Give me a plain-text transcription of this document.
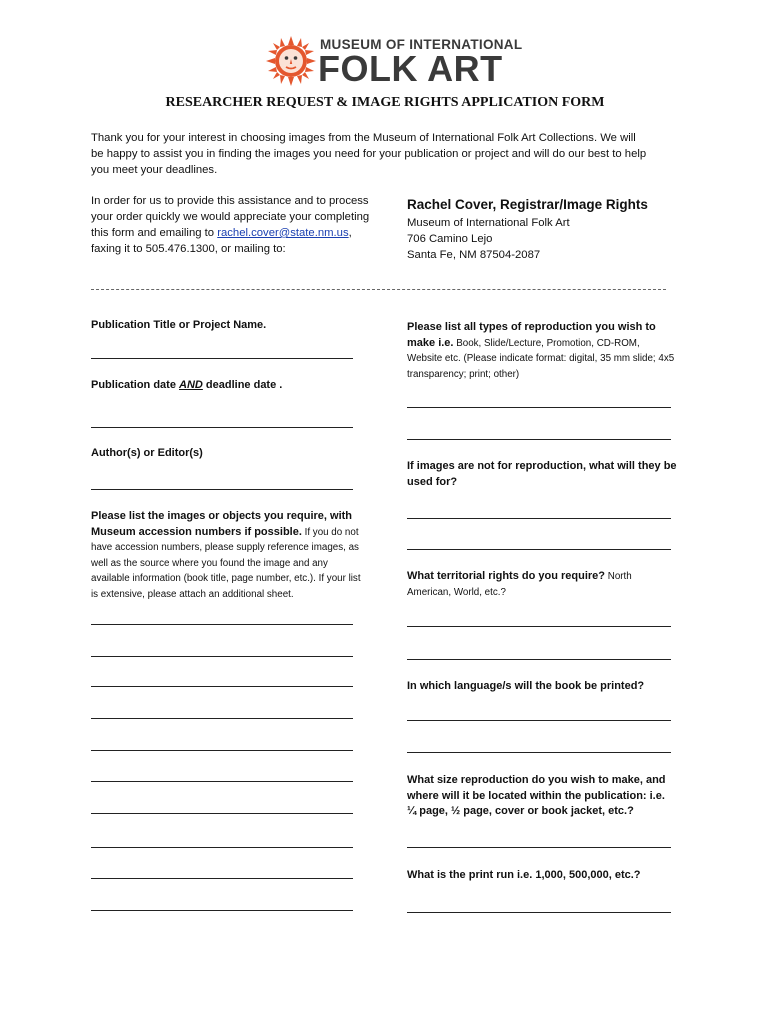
MUSEUM OF INTERNATIONAL
FOLK ART
RESEARCHER REQUEST & IMAGE RIGHTS APPLICATION FORM
Thank you for your interest in choosing images from the Museum of International Folk Art Collections. We will be happy to assist you in finding the images you need for your publication or project and will do our best to help you meet your deadlines.
In order for us to provide this assistance and to process your order quickly we would appreciate your completing this form and emailing to rachel.cover@state.nm.us, faxing it to 505.476.1300, or mailing to:
Rachel Cover, Registrar/Image Rights
Museum of International Folk Art
706 Camino Lejo
Santa Fe, NM 87504-2087
Publication Title or Project Name.
Publication date AND deadline date .
Author(s) or Editor(s)
Please list the images or objects you require, with Museum accession numbers if possible. If you do not have accession numbers, please supply reference images, as well as the source where you found the image and any available information (book title, page number, etc.). If your list is extensive, please attach an additional sheet.
Please list all types of reproduction you wish to make i.e. Book, Slide/Lecture, Promotion, CD-ROM, Website etc. (Please indicate format: digital, 35 mm slide; 4x5 transparency; print; other)
If images are not for reproduction, what will they be used for?
What territorial rights do you require? North American, World, etc.?
In which language/s will the book be printed?
What size reproduction do you wish to make, and where will it be located within the publication: i.e. ¼ page, ½ page, cover or book jacket, etc.?
What is the print run i.e. 1,000, 500,000, etc.?
